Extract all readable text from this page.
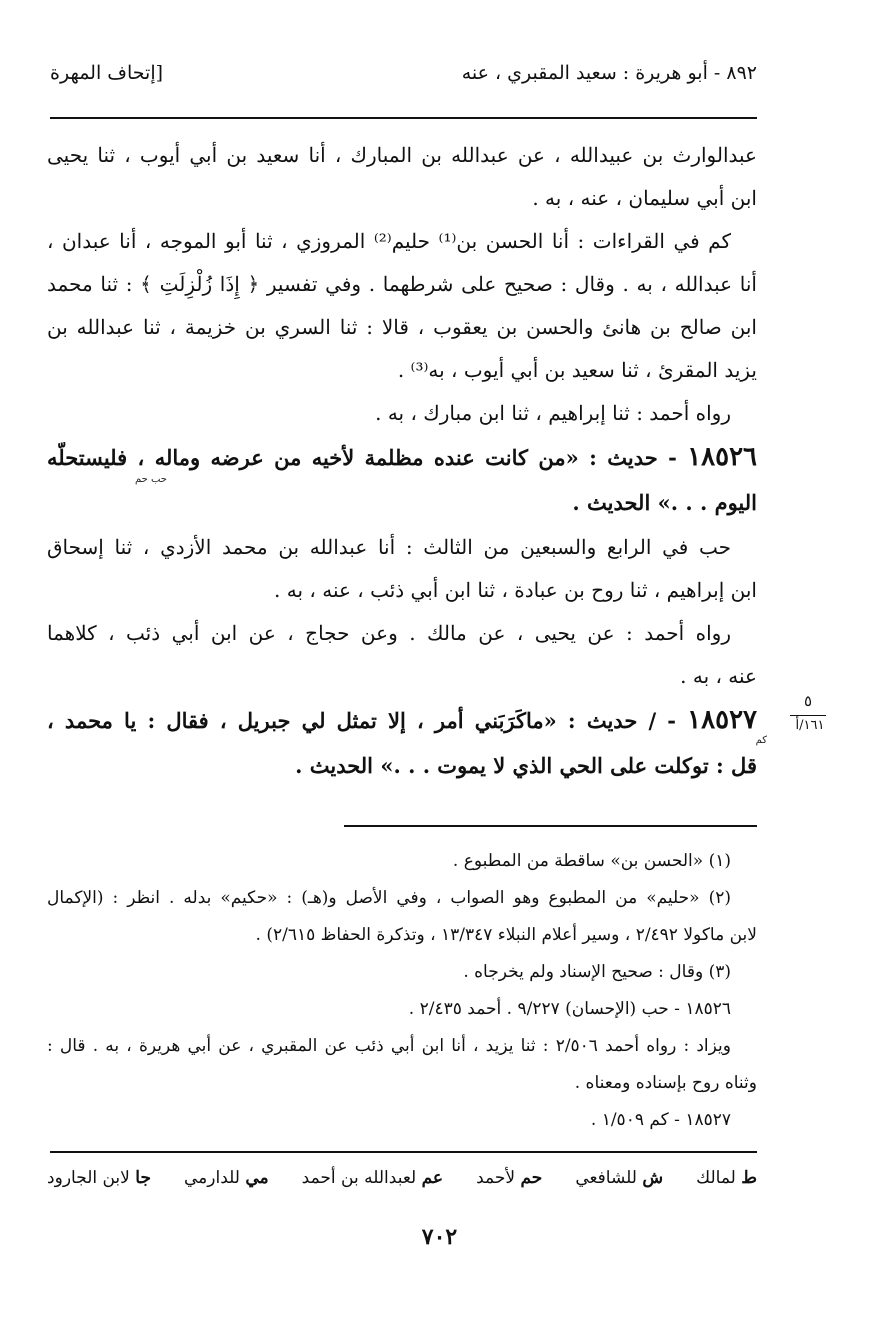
٨٩٢ - أبو هريرة : سعيد المقبري ، عنه
[إتحاف المهرة
عبدالوارث بن عبيدالله ، عن عبدالله بن المبارك ، أنا سعيد بن أبي أيوب ، ثنا يحيى
ابن أبي سليمان ، عنه ، به .
كم في القراءات : أنا الحسن بن⁽¹⁾ حليم⁽²⁾ المروزي ، ثنا أبو الموجه ، أنا عبدان ،
أنا عبدالله ، به . وقال : صحيح على شرطهما . وفي تفسير ﴿ إِذَا زُلْزِلَتِ ﴾ : ثنا محمد
ابن صالح بن هانئ والحسن بن يعقوب ، قالا : ثنا السري بن خزيمة ، ثنا عبدالله بن
يزيد المقرئ ، ثنا سعيد بن أبي أيوب ، به⁽³⁾ .
رواه أحمد : ثنا إبراهيم ، ثنا ابن مبارك ، به .
١٨٥٢٦ - حديث : «من كانت عنده مظلمة لأخيه من عرضه وماله ، فليستحلّه
حب حم
اليوم . . .» الحديث .
حب في الرابع والسبعين من الثالث : أنا عبدالله بن محمد الأزدي ، ثنا إسحاق
ابن إبراهيم ، ثنا روح بن عبادة ، ثنا ابن أبي ذئب ، عنه ، به .
رواه أحمد : عن يحيى ، عن مالك . وعن حجاج ، عن ابن أبي ذئب ، كلاهما
عنه ، به .
١٨٥٢٧ - / حديث : «ماكَرَبَني أمر ، إلا تمثل لي جبريل ، فقال : يا محمد ،
كم
قل : توكلت على الحي الذي لا يموت . . .» الحديث .
٥
١٦١/أ
(١) «الحسن بن» ساقطة من المطبوع .
(٢) «حليم» من المطبوع وهو الصواب ، وفي الأصل و(هـ) : «حكيم» بدله . انظر : (الإكمال
لابن ماكولا ٢/٤٩٢ ، وسير أعلام النبلاء ١٣/٣٤٧ ، وتذكرة الحفاظ ٢/٦١٥) .
(٣) وقال : صحيح الإسناد ولم يخرجاه .
١٨٥٢٦ - حب (الإحسان) ٩/٢٢٧ . أحمد ٢/٤٣٥ .
ويزاد : رواه أحمد ٢/٥٠٦ : ثنا يزيد ، أنا ابن أبي ذئب عن المقبري ، عن أبي هريرة ، به . قال :
وثناه روح بإسناده ومعناه .
١٨٥٢٧ - كم ١/٥٠٩ .
ط لمالك
ش للشافعي
حم لأحمد
عم لعبدالله بن أحمد
مي للدارمي
جا لابن الجارود
٧٠٢
